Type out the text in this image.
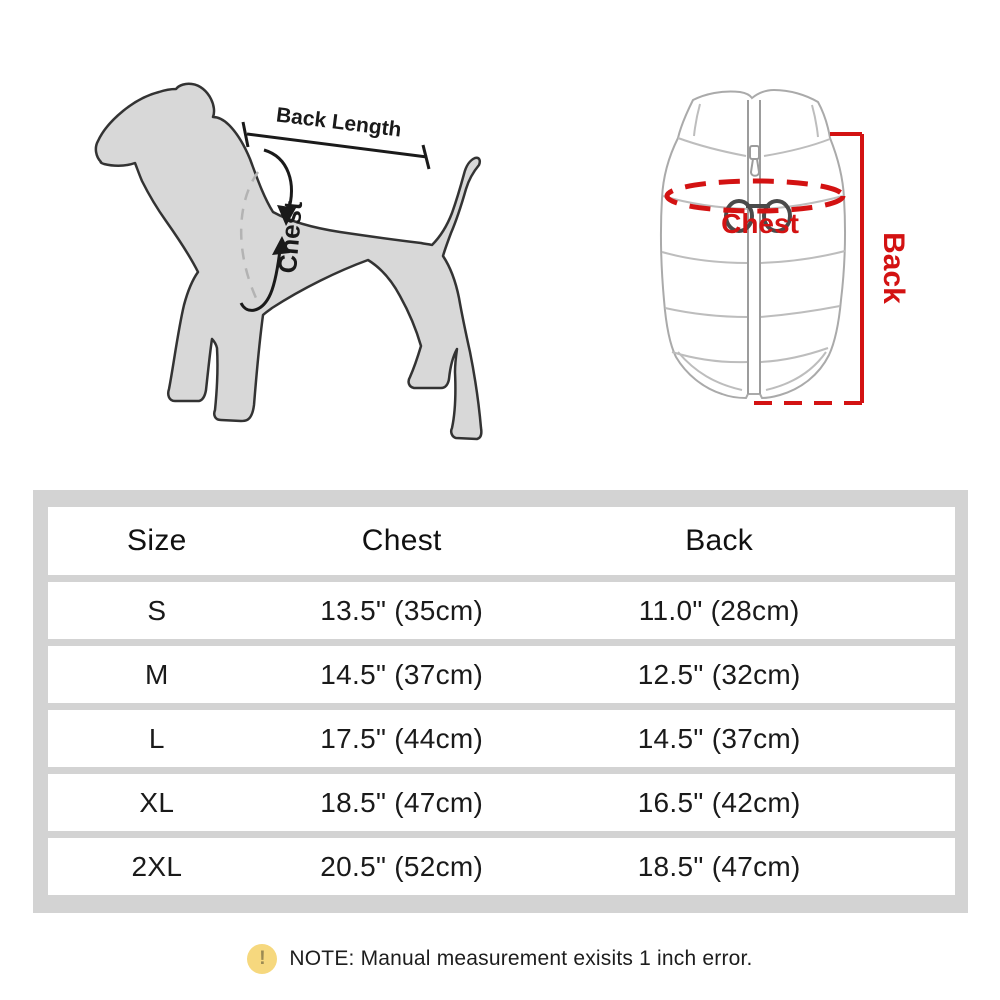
Chest
Back Length
Chest
Back
Size	Chest	Back
S	13.5" (35cm)	11.0" (28cm)
M	14.5" (37cm)	12.5" (32cm)
L	17.5" (44cm)	14.5" (37cm)
XL	18.5" (47cm)	16.5" (42cm)
2XL	20.5" (52cm)	18.5" (47cm)
!	NOTE: Manual measurement exisits 1 inch error.
